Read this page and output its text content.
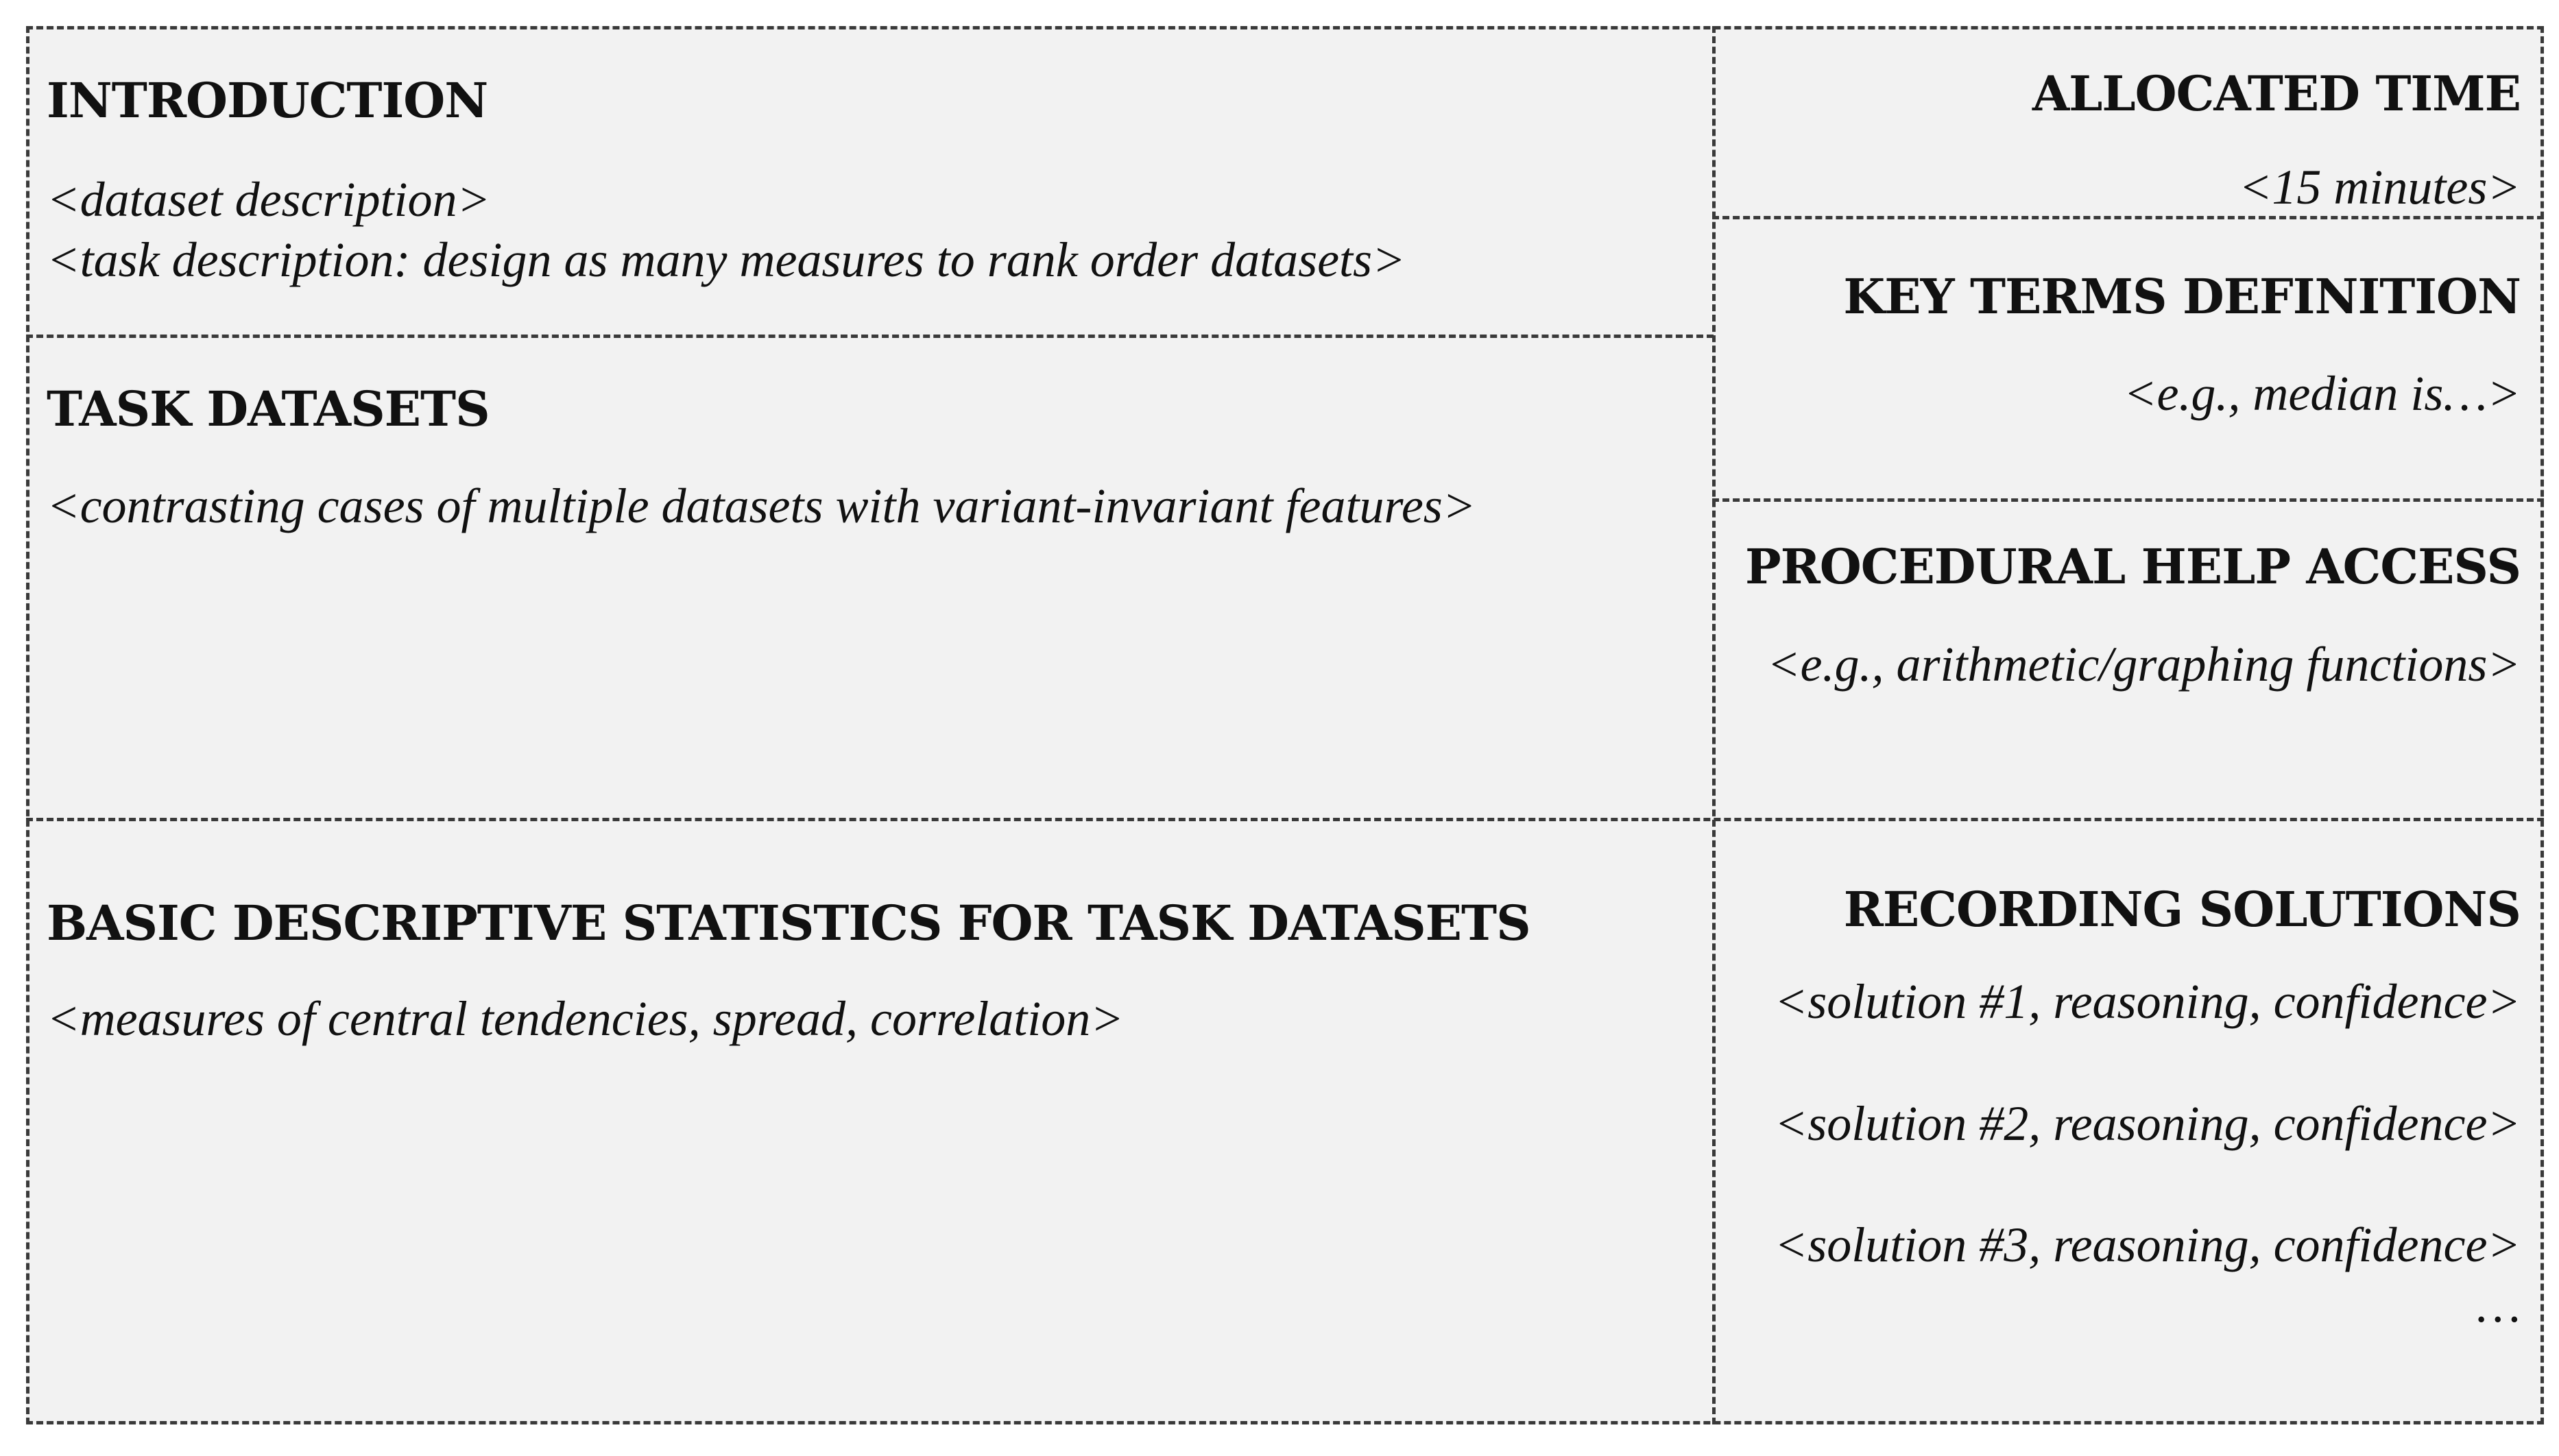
INTRODUCTION
<dataset description>
<task description: design as many measures to rank order datasets>
TASK DATASETS
<contrasting cases of multiple datasets with variant-invariant features>
BASIC DESCRIPTIVE STATISTICS FOR TASK DATASETS
<measures of central tendencies, spread, correlation>
ALLOCATED TIME
<15 minutes>
KEY TERMS DEFINITION
<e.g., median is…>
PROCEDURAL HELP ACCESS
<e.g., arithmetic/graphing functions>
RECORDING SOLUTIONS
<solution #1, reasoning, confidence>
<solution #2, reasoning, confidence>
<solution #3, reasoning, confidence>
…
